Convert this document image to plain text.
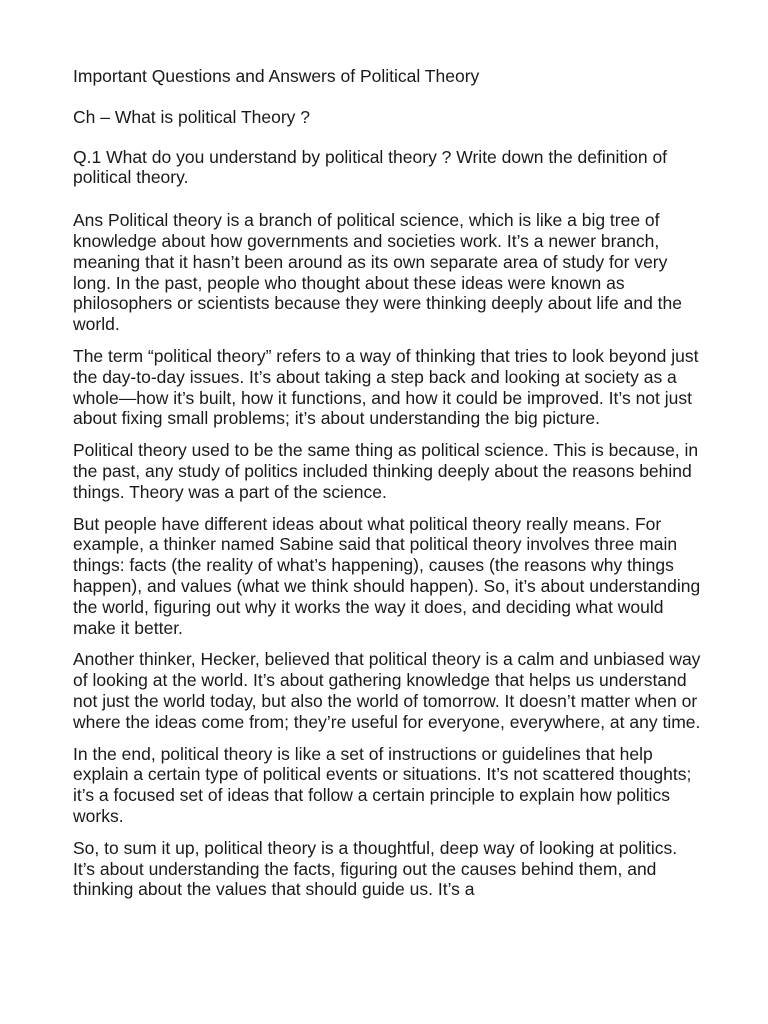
Important Questions and Answers of Political Theory
Ch – What is political Theory ?
Q.1 What do you understand by political theory ? Write down the definition of political theory.
Ans Political theory is a branch of political science, which is like a big tree of knowledge about how governments and societies work. It’s a newer branch, meaning that it hasn’t been around as its own separate area of study for very long. In the past, people who thought about these ideas were known as philosophers or scientists because they were thinking deeply about life and the world.
The term “political theory” refers to a way of thinking that tries to look beyond just the day-to-day issues. It’s about taking a step back and looking at society as a whole—how it’s built, how it functions, and how it could be improved. It’s not just about fixing small problems; it’s about understanding the big picture.
Political theory used to be the same thing as political science. This is because, in the past, any study of politics included thinking deeply about the reasons behind things. Theory was a part of the science.
But people have different ideas about what political theory really means. For example, a thinker named Sabine said that political theory involves three main things: facts (the reality of what’s happening), causes (the reasons why things happen), and values (what we think should happen). So, it’s about understanding the world, figuring out why it works the way it does, and deciding what would make it better.
Another thinker, Hecker, believed that political theory is a calm and unbiased way of looking at the world. It’s about gathering knowledge that helps us understand not just the world today, but also the world of tomorrow. It doesn’t matter when or where the ideas come from; they’re useful for everyone, everywhere, at any time.
In the end, political theory is like a set of instructions or guidelines that help explain a certain type of political events or situations. It’s not scattered thoughts; it’s a focused set of ideas that follow a certain principle to explain how politics works.
So, to sum it up, political theory is a thoughtful, deep way of looking at politics. It’s about understanding the facts, figuring out the causes behind them, and thinking about the values that should guide us. It’s a
